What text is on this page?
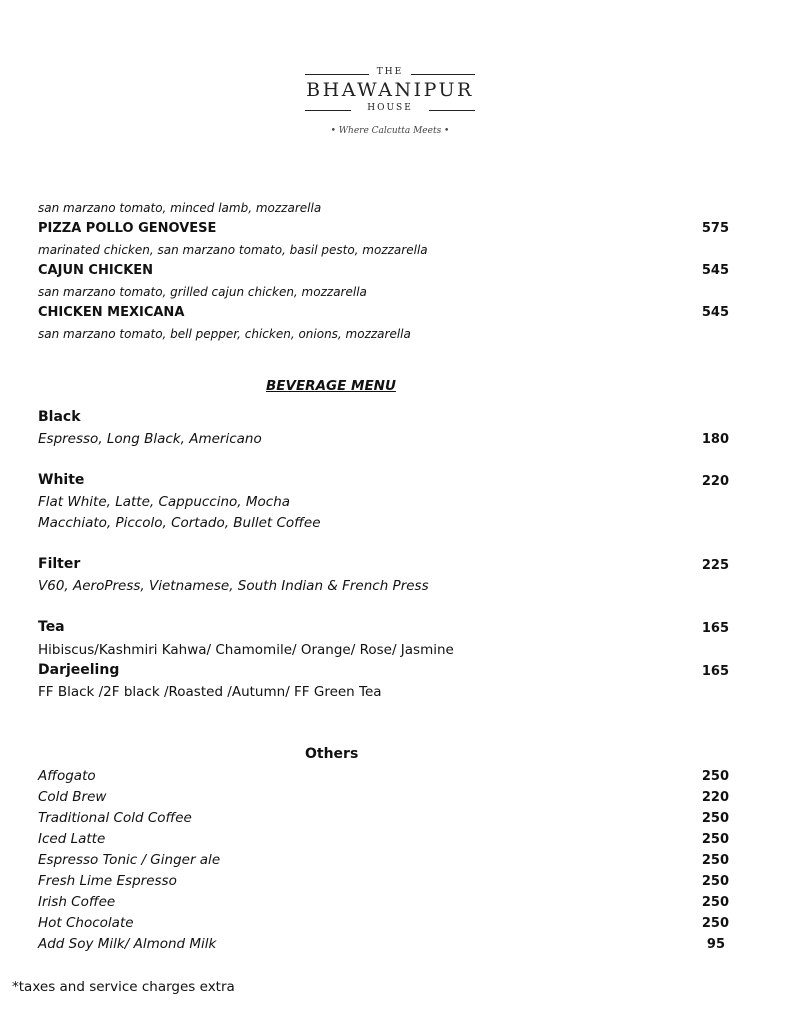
THE
BHAWANIPUR
HOUSE
• Where Calcutta Meets •
san marzano tomato, minced lamb, mozzarella
PIZZA POLLO GENOVESE	575
marinated chicken, san marzano tomato, basil pesto, mozzarella
CAJUN CHICKEN	545
san marzano tomato, grilled cajun chicken, mozzarella
CHICKEN MEXICANA	545
san marzano tomato, bell pepper, chicken, onions, mozzarella
BEVERAGE MENU
Black
Espresso, Long Black, Americano	180
White	220
Flat White, Latte, Cappuccino, Mocha
Macchiato, Piccolo, Cortado, Bullet Coffee
Filter	225
V60, AeroPress, Vietnamese, South Indian & French Press
Tea	165
Hibiscus/Kashmiri Kahwa/ Chamomile/ Orange/ Rose/ Jasmine
Darjeeling	165
FF Black /2F black /Roasted /Autumn/ FF Green Tea
Others
Affogato	250
Cold Brew	220
Traditional Cold Coffee	250
Iced Latte	250
Espresso Tonic / Ginger ale	250
Fresh Lime Espresso	250
Irish Coffee	250
Hot Chocolate	250
Add Soy Milk/ Almond Milk	95
*taxes and service charges extra
